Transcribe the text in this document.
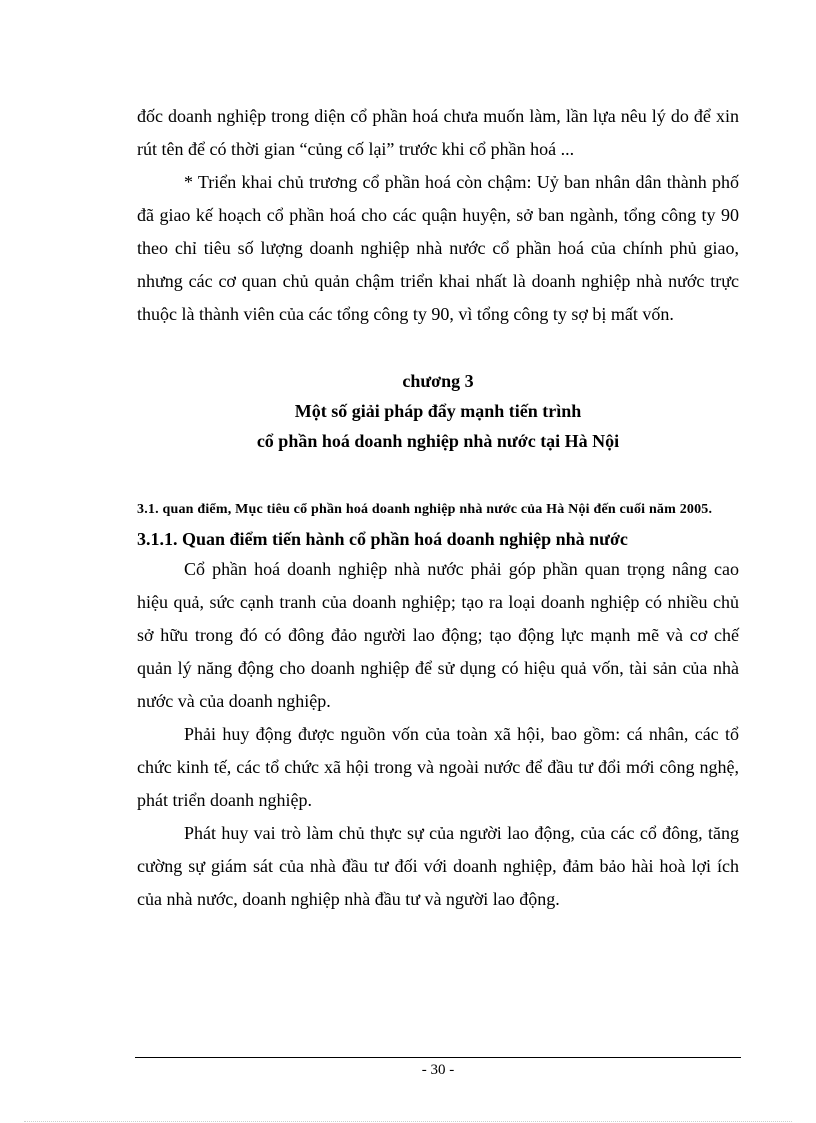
đốc doanh nghiệp trong diện cổ phần hoá chưa muốn làm, lần lựa nêu lý do để xin rút tên để có thời gian “củng cố lại” trước khi cổ phần hoá ...

* Triển khai chủ trương cổ phần hoá còn chậm: Uỷ ban nhân dân thành phố đã giao kế hoạch cổ phần hoá cho các quận huyện, sở ban ngành, tổng công ty 90 theo chỉ tiêu số lượng doanh nghiệp nhà nước cổ phần hoá của chính phủ giao, nhưng các cơ quan chủ quản chậm triển khai nhất là doanh nghiệp nhà nước trực thuộc là thành viên của các tổng công ty 90, vì tổng công ty sợ bị mất vốn.

chương 3
Một số giải pháp đẩy mạnh tiến trình
cổ phần hoá doanh nghiệp nhà nước tại Hà Nội
3.1. quan điểm, Mục tiêu cổ phần hoá doanh nghiệp nhà nước của Hà Nội đến cuối năm 2005.
3.1.1. Quan điểm tiến hành cổ phần hoá doanh nghiệp nhà nước

Cổ phần hoá doanh nghiệp nhà nước phải góp phần quan trọng nâng cao hiệu quả, sức cạnh tranh của doanh nghiệp; tạo ra loại doanh nghiệp có nhiều chủ sở hữu trong đó có đông đảo người lao động; tạo động lực mạnh mẽ và cơ chế quản lý năng động cho doanh nghiệp để sử dụng có hiệu quả vốn, tài sản của nhà nước và của doanh nghiệp.

Phải huy động được nguồn vốn của toàn xã hội, bao gồm: cá nhân, các tổ chức kinh tế, các tổ chức xã hội trong và ngoài nước để đầu tư đổi mới công nghệ, phát triển doanh nghiệp.

Phát huy vai trò làm chủ thực sự của người lao động, của các cổ đông, tăng cường sự giám sát của nhà đầu tư đối với doanh nghiệp, đảm bảo hài hoà lợi ích của nhà nước, doanh nghiệp nhà đầu tư và người lao động.

- 30 -
